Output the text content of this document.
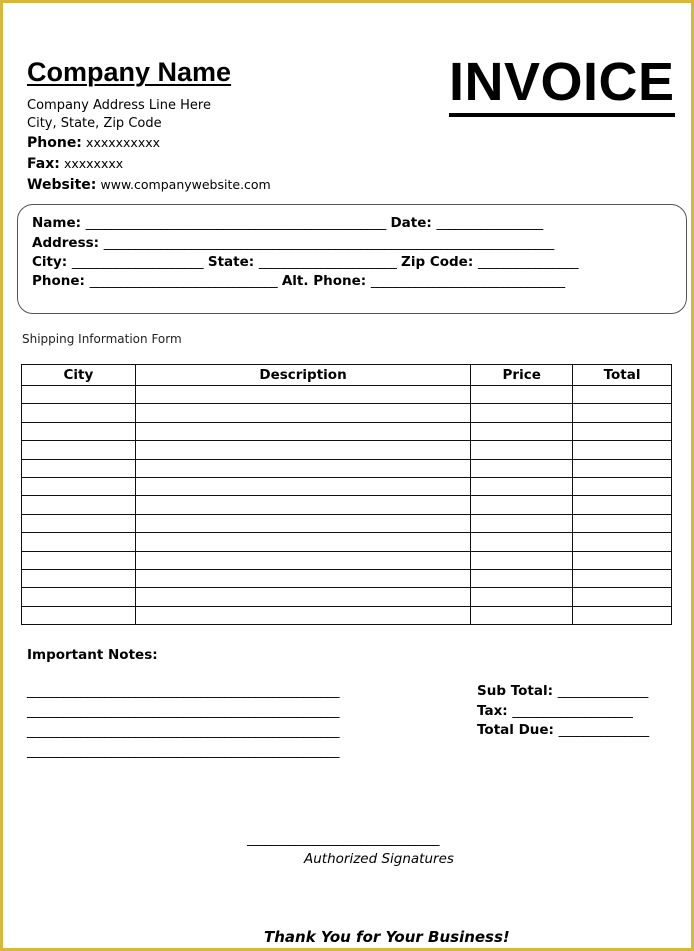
Company Name	INVOICE
Company Address Line Here
City, State, Zip Code
Phone: xxxxxxxxxx
Fax: xxxxxxxx
Website: www.companywebsite.com
Name: ________________________________________________ Date: _________________
Address: ________________________________________________________________________
City: _____________________ State: ______________________ Zip Code: ________________
Phone: ______________________________ Alt. Phone: _______________________________
Shipping Information Form
City	Description	Price	Total

Important Notes:
____________________________________________________
____________________________________________________
____________________________________________________
____________________________________________________
Sub Total: _______________
Tax: ____________________
Total Due: _______________
________________________________
Authorized Signatures
Thank You for Your Business!
